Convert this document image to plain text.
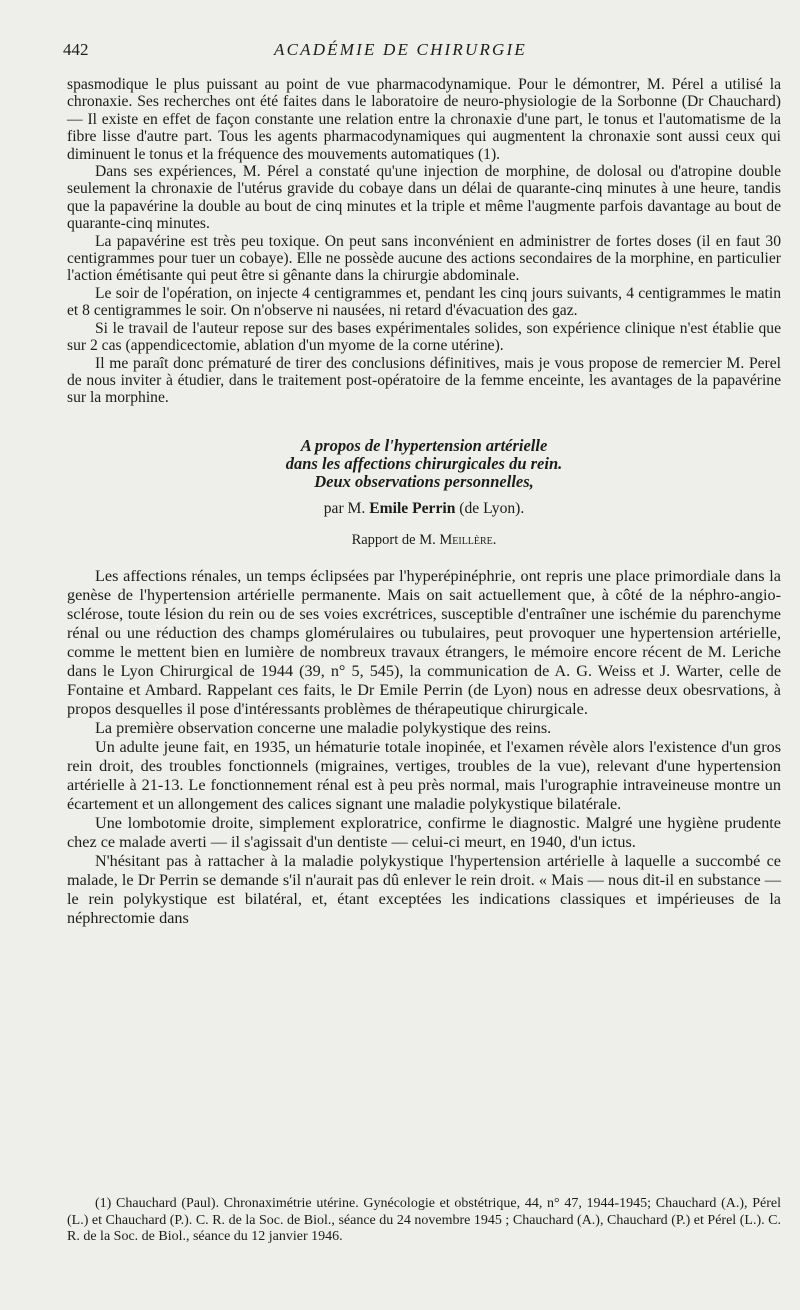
442	ACADÉMIE DE CHIRURGIE

spasmodique le plus puissant au point de vue pharmacodynamique. Pour le démontrer, M. Pérel a utilisé la chronaxie. Ses recherches ont été faites dans le laboratoire de neuro-physiologie de la Sorbonne (Dr Chauchard) — Il existe en effet de façon constante une relation entre la chronaxie d'une part, le tonus et l'automatisme de la fibre lisse d'autre part. Tous les agents pharmacodynamiques qui augmentent la chronaxie sont aussi ceux qui diminuent le tonus et la fréquence des mouvements automatiques (1).

Dans ses expériences, M. Pérel a constaté qu'une injection de morphine, de dolosal ou d'atropine double seulement la chronaxie de l'utérus gravide du cobaye dans un délai de quarante-cinq minutes à une heure, tandis que la papavérine la double au bout de cinq minutes et la triple et même l'augmente parfois davantage au bout de quarante-cinq minutes.

La papavérine est très peu toxique. On peut sans inconvénient en administrer de fortes doses (il en faut 30 centigrammes pour tuer un cobaye). Elle ne possède aucune des actions secondaires de la morphine, en particulier l'action émétisante qui peut être si gênante dans la chirurgie abdominale.

Le soir de l'opération, on injecte 4 centigrammes et, pendant les cinq jours suivants, 4 centigrammes le matin et 8 centigrammes le soir. On n'observe ni nausées, ni retard d'évacuation des gaz.

Si le travail de l'auteur repose sur des bases expérimentales solides, son expérience clinique n'est établie que sur 2 cas (appendicectomie, ablation d'un myome de la corne utérine).

Il me paraît donc prématuré de tirer des conclusions définitives, mais je vous propose de remercier M. Perel de nous inviter à étudier, dans le traitement post-opératoire de la femme enceinte, les avantages de la papavérine sur la morphine.

A propos de l'hypertension artérielle
dans les affections chirurgicales du rein.
Deux observations personnelles,
par M. Emile Perrin (de Lyon).
Rapport de M. Meillère.

Les affections rénales, un temps éclipsées par l'hyperépinéphrie, ont repris une place primordiale dans la genèse de l'hypertension artérielle permanente. Mais on sait actuellement que, à côté de la néphro-angio-sclérose, toute lésion du rein ou de ses voies excrétrices, susceptible d'entraîner une ischémie du parenchyme rénal ou une réduction des champs glomérulaires ou tubulaires, peut provoquer une hypertension artérielle, comme le mettent bien en lumière de nombreux travaux étrangers, le mémoire encore récent de M. Leriche dans le Lyon Chirurgical de 1944 (39, n° 5, 545), la communication de A. G. Weiss et J. Warter, celle de Fontaine et Ambard. Rappelant ces faits, le Dr Emile Perrin (de Lyon) nous en adresse deux obesrvations, à propos desquelles il pose d'intéressants problèmes de thérapeutique chirurgicale.

La première observation concerne une maladie polykystique des reins.

Un adulte jeune fait, en 1935, un hématurie totale inopinée, et l'examen révèle alors l'existence d'un gros rein droit, des troubles fonctionnels (migraines, vertiges, troubles de la vue), relevant d'une hypertension artérielle à 21-13. Le fonctionnement rénal est à peu près normal, mais l'urographie intraveineuse montre un écartement et un allongement des calices signant une maladie polykystique bilatérale.

Une lombotomie droite, simplement exploratrice, confirme le diagnostic. Malgré une hygiène prudente chez ce malade averti — il s'agissait d'un dentiste — celui-ci meurt, en 1940, d'un ictus.

N'hésitant pas à rattacher à la maladie polykystique l'hypertension artérielle à laquelle a succombé ce malade, le Dr Perrin se demande s'il n'aurait pas dû enlever le rein droit. « Mais — nous dit-il en substance — le rein polykystique est bilatéral, et, étant exceptées les indications classiques et impérieuses de la néphrectomie dans

(1) Chauchard (Paul). Chronaximétrie utérine. Gynécologie et obstétrique, 44, n° 47, 1944-1945; Chauchard (A.), Pérel (L.) et Chauchard (P.). C. R. de la Soc. de Biol., séance du 24 novembre 1945 ; Chauchard (A.), Chauchard (P.) et Pérel (L.). C. R. de la Soc. de Biol., séance du 12 janvier 1946.
